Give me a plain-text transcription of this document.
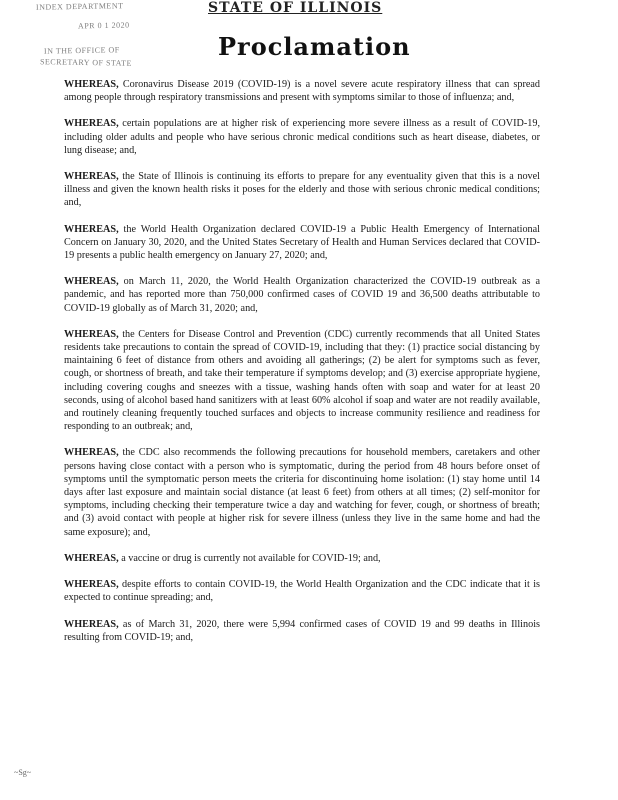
INDEX DEPARTMENT
APR 0 1 2020
IN THE OFFICE OF
SECRETARY OF STATE
STATE OF ILLINOIS
Proclamation

WHEREAS, Coronavirus Disease 2019 (COVID-19) is a novel severe acute respiratory illness that can spread among people through respiratory transmissions and present with symptoms similar to those of influenza; and,

WHEREAS, certain populations are at higher risk of experiencing more severe illness as a result of COVID-19, including older adults and people who have serious chronic medical conditions such as heart disease, diabetes, or lung disease; and,

WHEREAS, the State of Illinois is continuing its efforts to prepare for any eventuality given that this is a novel illness and given the known health risks it poses for the elderly and those with serious chronic medical conditions; and,

WHEREAS, the World Health Organization declared COVID-19 a Public Health Emergency of International Concern on January 30, 2020, and the United States Secretary of Health and Human Services declared that COVID-19 presents a public health emergency on January 27, 2020; and,

WHEREAS, on March 11, 2020, the World Health Organization characterized the COVID-19 outbreak as a pandemic, and has reported more than 750,000 confirmed cases of COVID 19 and 36,500 deaths attributable to COVID-19 globally as of March 31, 2020; and,

WHEREAS, the Centers for Disease Control and Prevention (CDC) currently recommends that all United States residents take precautions to contain the spread of COVID-19, including that they: (1) practice social distancing by maintaining 6 feet of distance from others and avoiding all gatherings; (2) be alert for symptoms such as fever, cough, or shortness of breath, and take their temperature if symptoms develop; and (3) exercise appropriate hygiene, including covering coughs and sneezes with a tissue, washing hands often with soap and water for at least 20 seconds, using of alcohol based hand sanitizers with at least 60% alcohol if soap and water are not readily available, and routinely cleaning frequently touched surfaces and objects to increase community resilience and readiness for responding to an outbreak; and,

WHEREAS, the CDC also recommends the following precautions for household members, caretakers and other persons having close contact with a person who is symptomatic, during the period from 48 hours before onset of symptoms until the symptomatic person meets the criteria for discontinuing home isolation: (1) stay home until 14 days after last exposure and maintain social distance (at least 6 feet) from others at all times; (2) self-monitor for symptoms, including checking their temperature twice a day and watching for fever, cough, or shortness of breath; and (3) avoid contact with people at higher risk for severe illness (unless they live in the same home and had the same exposure); and,

WHEREAS, a vaccine or drug is currently not available for COVID-19; and,

WHEREAS, despite efforts to contain COVID-19, the World Health Organization and the CDC indicate that it is expected to continue spreading; and,

WHEREAS, as of March 31, 2020, there were 5,994 confirmed cases of COVID 19 and 99 deaths in Illinois resulting from COVID-19; and,

~Sg~
